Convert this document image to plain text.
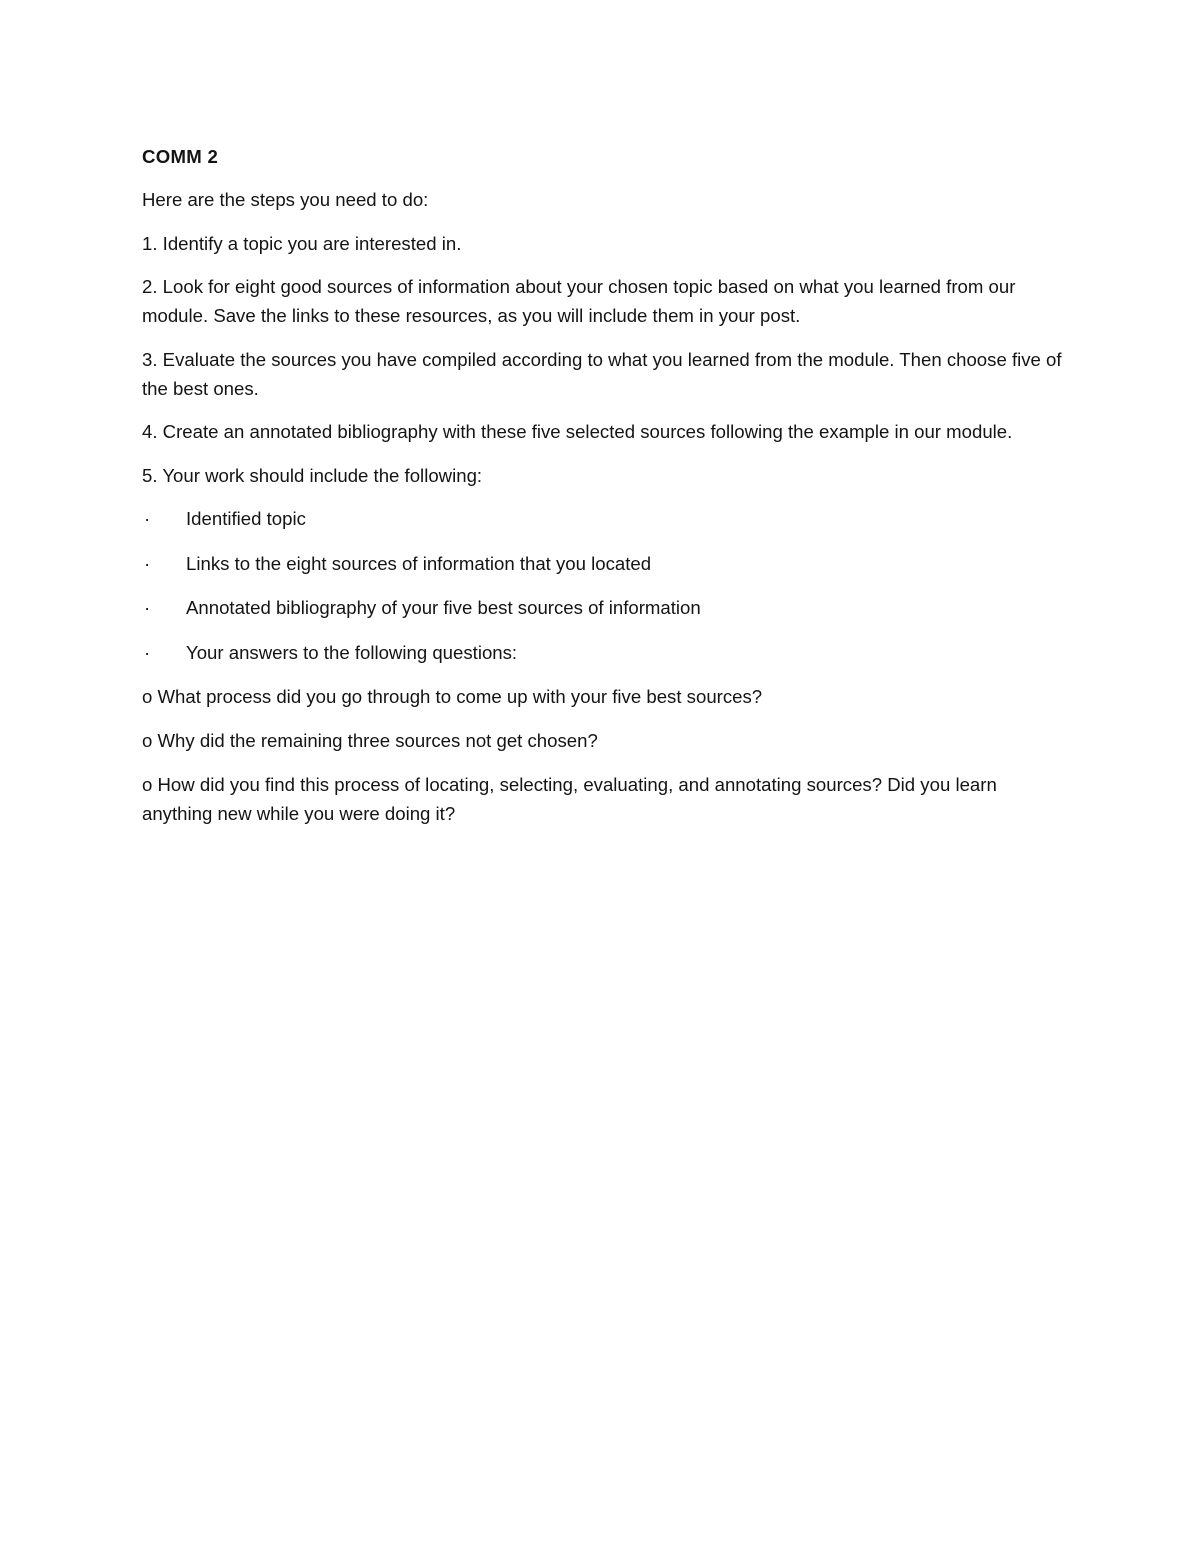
COMM 2
Here are the steps you need to do:
1. Identify a topic you are interested in.
2. Look for eight good sources of information about your chosen topic based on what you learned from our module. Save the links to these resources, as you will include them in your post.
3. Evaluate the sources you have compiled according to what you learned from the module. Then choose five of the best ones.
4. Create an annotated bibliography with these five selected sources following the example in our module.
5. Your work should include the following:
·	Identified topic
·	Links to the eight sources of information that you located
·	Annotated bibliography of your five best sources of information
·	Your answers to the following questions:
o What process did you go through to come up with your five best sources?
o Why did the remaining three sources not get chosen?
o How did you find this process of locating, selecting, evaluating, and annotating sources? Did you learn anything new while you were doing it?
